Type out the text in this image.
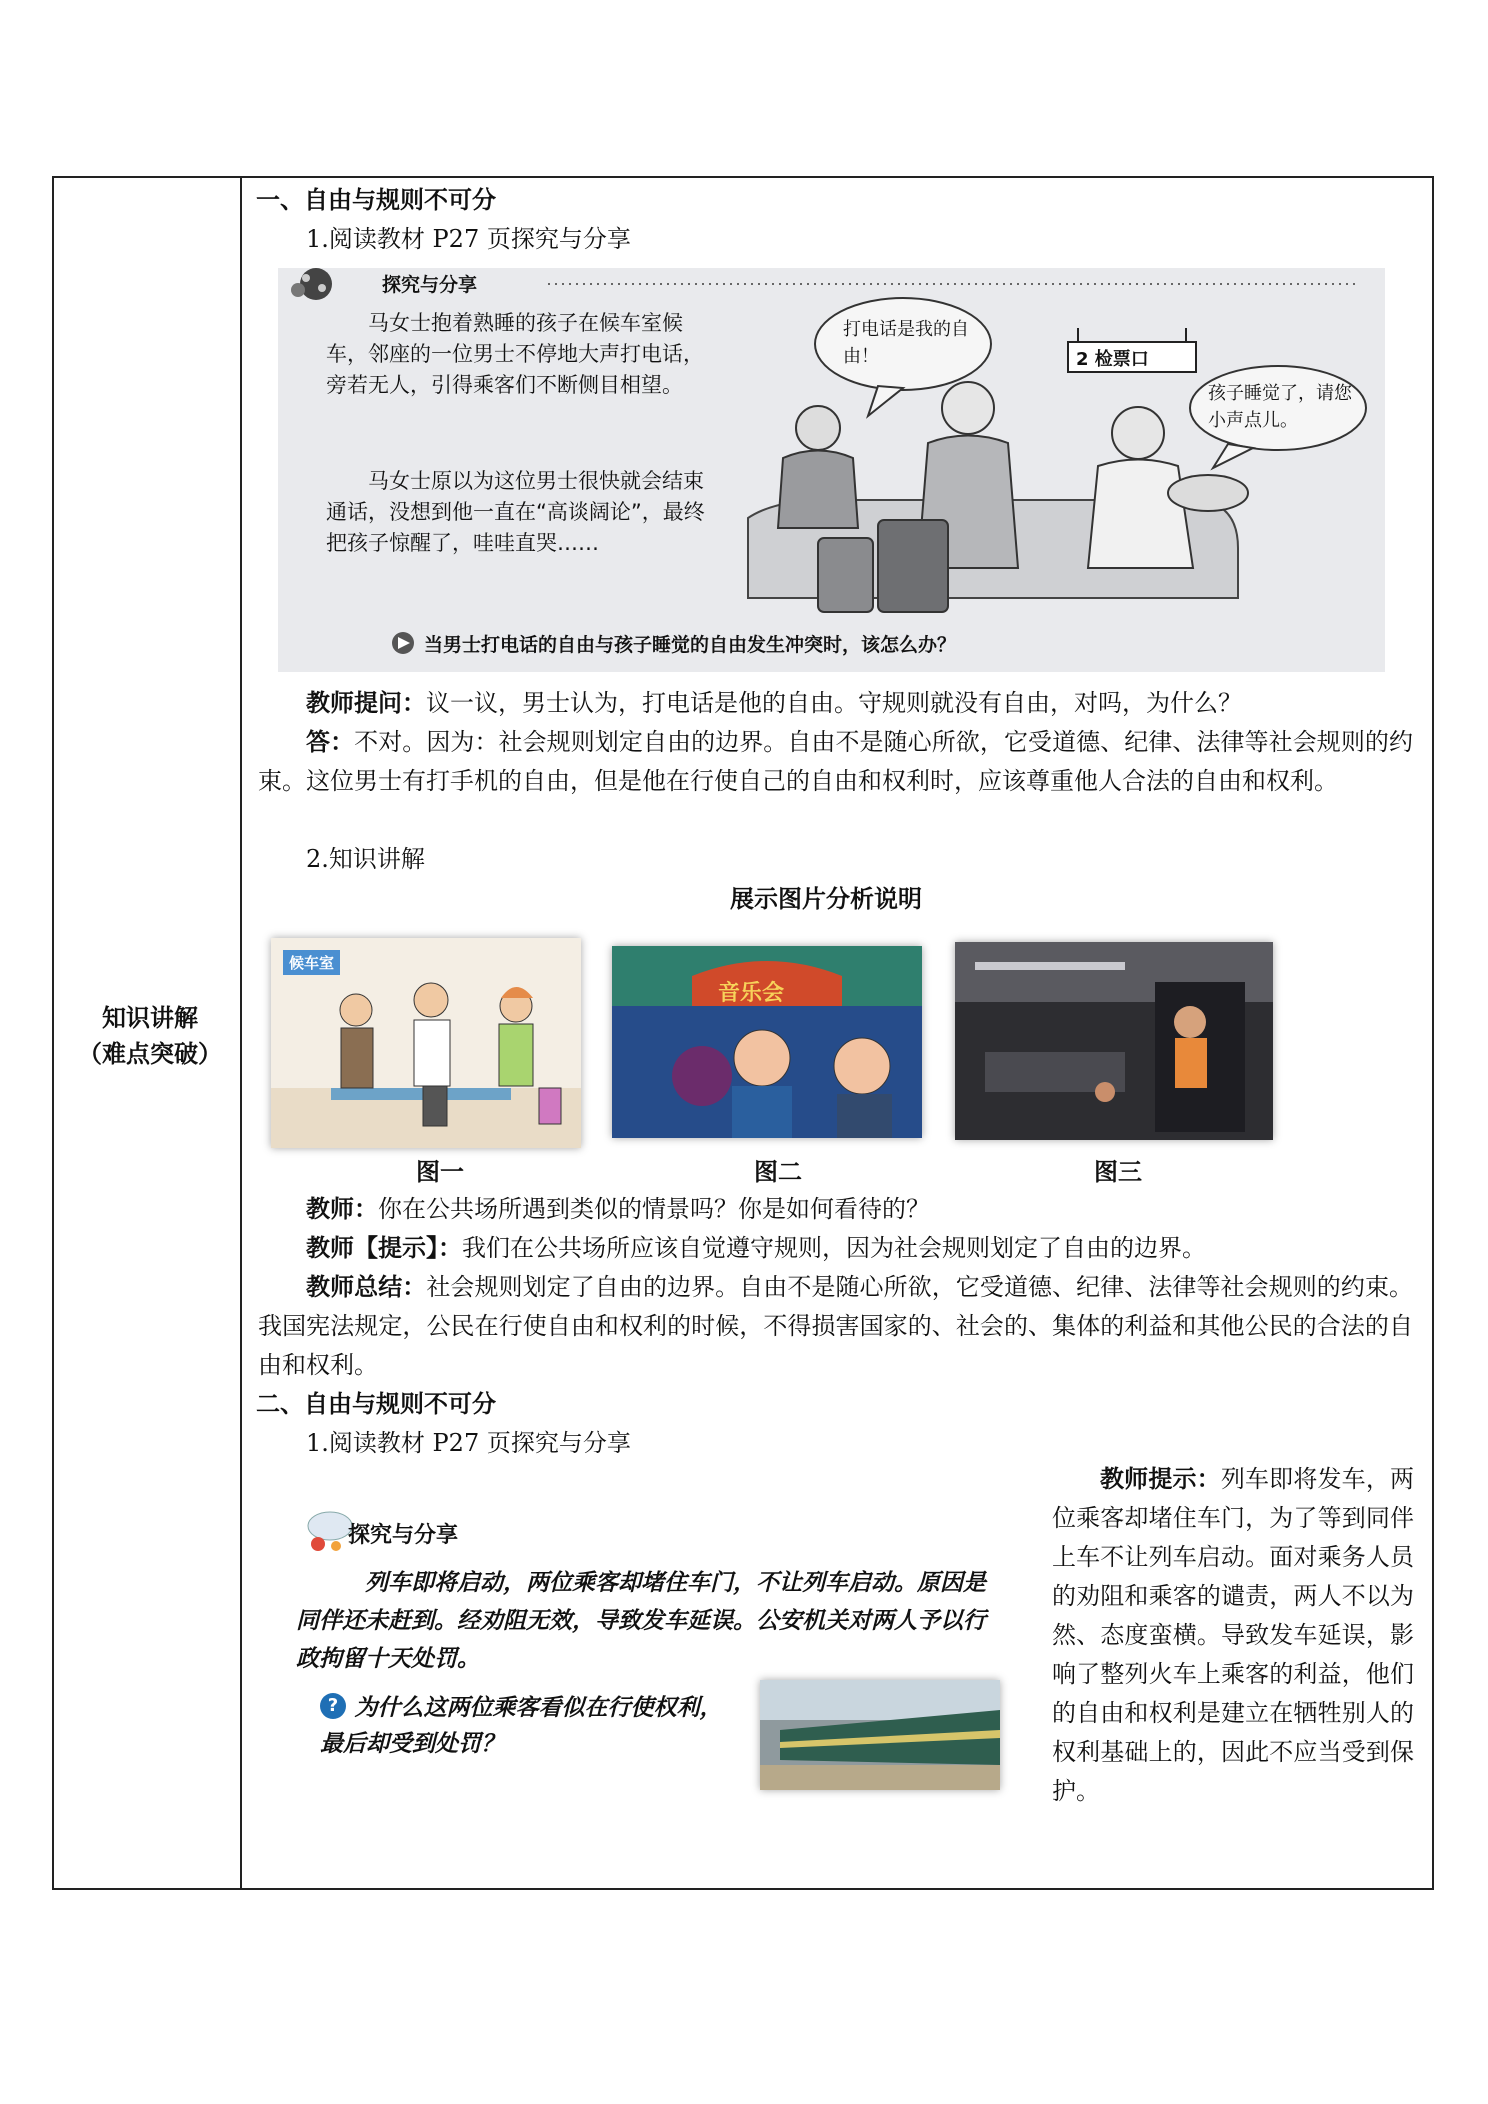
知识讲解
（难点突破）
一、自由与规则不可分
1.阅读教材 P27 页探究与分享
探究与分享
马女士抱着熟睡的孩子在候车室候车，邻座的一位男士不停地大声打电话，旁若无人，引得乘客们不断侧目相望。
马女士原以为这位男士很快就会结束通话，没想到他一直在“高谈阔论”，最终把孩子惊醒了，哇哇直哭……
打电话是我的自由！
孩子睡觉了，请您小声点儿。
2 检票口
当男士打电话的自由与孩子睡觉的自由发生冲突时，该怎么办？
教师提问：议一议，男士认为，打电话是他的自由。守规则就没有自由，对吗，为什么？
答：不对。因为：社会规则划定自由的边界。自由不是随心所欲，它受道德、纪律、法律等社会规则的约束。这位男士有打手机的自由，但是他在行使自己的自由和权利时，应该尊重他人合法的自由和权利。
2.知识讲解
展示图片分析说明
候车室
音乐会
图一	图二	图三
教师：你在公共场所遇到类似的情景吗？你是如何看待的？
教师【提示】：我们在公共场所应该自觉遵守规则，因为社会规则划定了自由的边界。
教师总结：社会规则划定了自由的边界。自由不是随心所欲，它受道德、纪律、法律等社会规则的约束。我国宪法规定，公民在行使自由和权利的时候，不得损害国家的、社会的、集体的利益和其他公民的合法的自由和权利。
二、自由与规则不可分
1.阅读教材 P27 页探究与分享
探究与分享
列车即将启动，两位乘客却堵住车门，不让列车启动。原因是同伴还未赶到。经劝阻无效，导致发车延误。公安机关对两人予以行政拘留十天处罚。
? 为什么这两位乘客看似在行使权利，最后却受到处罚？
教师提示：列车即将发车，两位乘客却堵住车门，为了等到同伴上车不让列车启动。面对乘务人员的劝阻和乘客的谴责，两人不以为然、态度蛮横。导致发车延误，影响了整列火车上乘客的利益，他们的自由和权利是建立在牺牲别人的权利基础上的，因此不应当受到保护。
